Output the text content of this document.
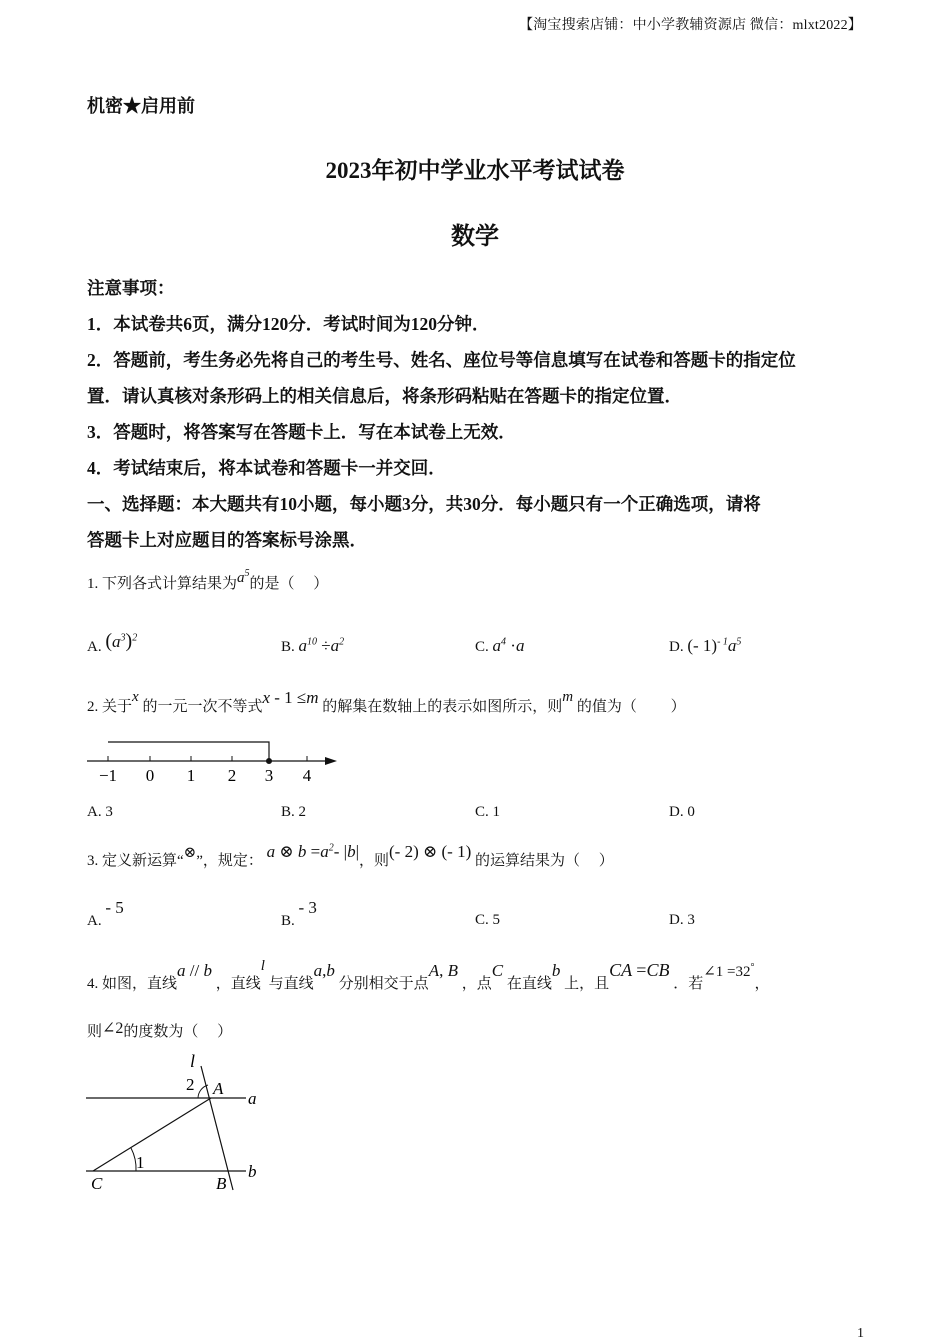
【淘宝搜索店铺：中小学教辅资源店 微信：mlxt2022】
机密★启用前
2023年初中学业水平考试试卷
数学
注意事项：
1．本试卷共6页，满分120分．考试时间为120分钟．
2．答题前，考生务必先将自己的考生号、姓名、座位号等信息填写在试卷和答题卡的指定位
置．请认真核对条形码上的相关信息后，将条形码粘贴在答题卡的指定位置．
3．答题时，将答案写在答题卡上．写在本试卷上无效．
4．考试结束后，将本试卷和答题卡一并交回．
一、选择题：本大题共有10小题，每小题3分，共30分．每小题只有一个正确选项，请将
答题卡上对应题目的答案标号涂黑．
1. 下列各式计算结果为$a^5$的是（　 ）
A. $(a^3)^2$
B. $a^{10} \div a^2$	C. $a^4 \cdot a$	D. (- $1)^{- 1}a^5$
2. 关于x 的一元一次不等式x - 1 ≤m 的解集在数轴上的表示如图所示，则m 的值为（　　 ）
−1 0 1 2 3 4
A. 3	B. 2	C. 1	D. 0
3. 定义新运算“⊗”，规定： a ⊗ $b =a^2-$ |b|，则(- 2) ⊗ (- 1) 的运算结果为（　 ）
A. - 5
B. - 3
C. 5	D. 3
4. 如图，直线a // b ，直线l 与直线a,b 分别相交于点A, B ，点C 在直线b 上，且CA =CB ．若∠1 =32°，
则∠2的度数为（　 ）
l
2 A
a
1
C	B
b
1
